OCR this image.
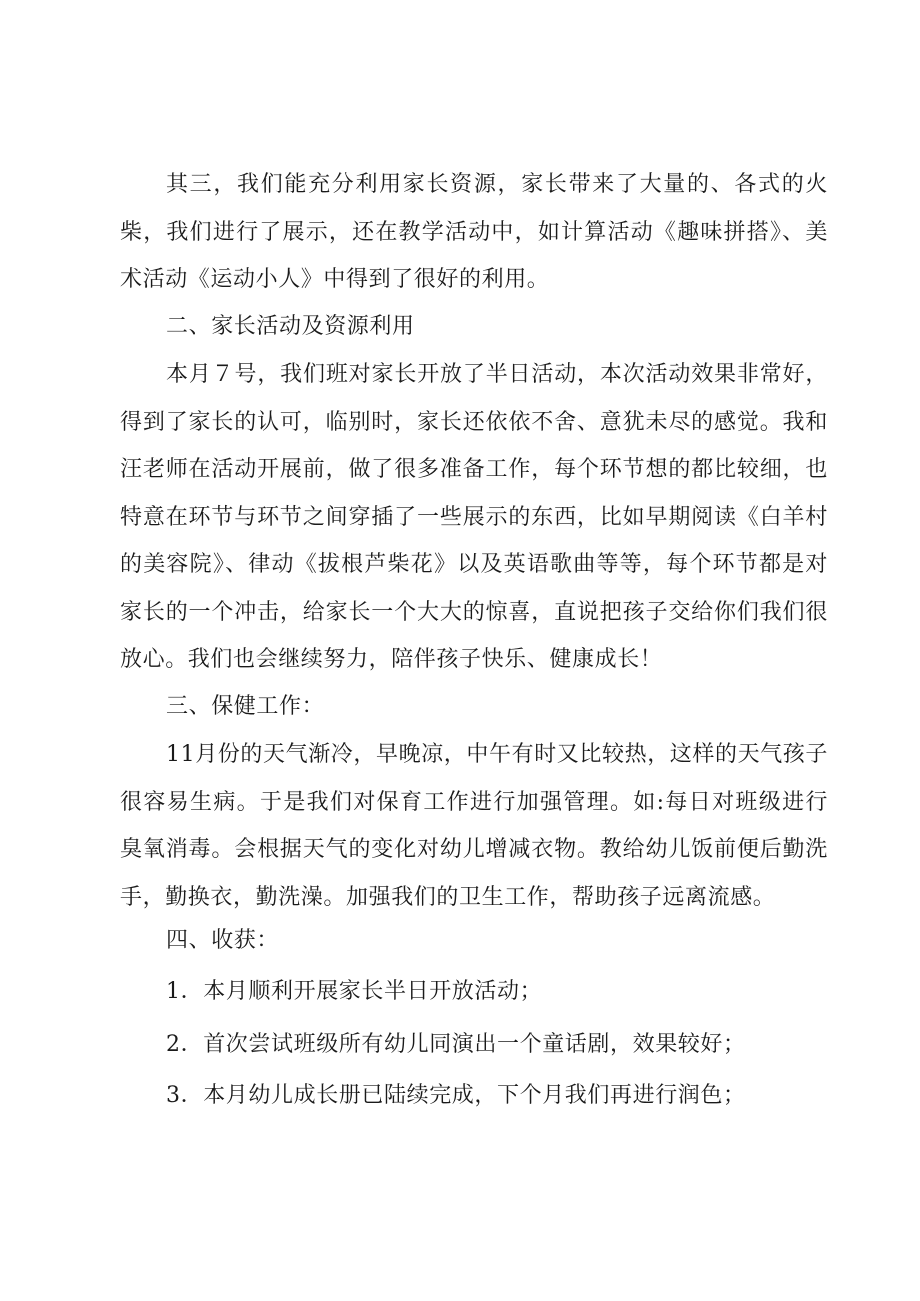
其三，我们能充分利用家长资源，家长带来了大量的、各式的火柴，我们进行了展示，还在教学活动中，如计算活动《趣味拼搭》、美术活动《运动小人》中得到了很好的利用。

二、家长活动及资源利用

本月７号，我们班对家长开放了半日活动，本次活动效果非常好，得到了家长的认可，临别时，家长还依依不舍、意犹未尽的感觉。我和汪老师在活动开展前，做了很多准备工作，每个环节想的都比较细，也特意在环节与环节之间穿插了一些展示的东西，比如早期阅读《白羊村的美容院》、律动《拔根芦柴花》以及英语歌曲等等，每个环节都是对家长的一个冲击，给家长一个大大的惊喜，直说把孩子交给你们我们很放心。我们也会继续努力，陪伴孩子快乐、健康成长！

三、保健工作：

11月份的天气渐冷，早晚凉，中午有时又比较热，这样的天气孩子很容易生病。于是我们对保育工作进行加强管理。如:每日对班级进行臭氧消毒。会根据天气的变化对幼儿增减衣物。教给幼儿饭前便后勤洗手，勤换衣，勤洗澡。加强我们的卫生工作，帮助孩子远离流感。

四、收获：

1．本月顺利开展家长半日开放活动；

2．首次尝试班级所有幼儿同演出一个童话剧，效果较好；

3．本月幼儿成长册已陆续完成，下个月我们再进行润色；
